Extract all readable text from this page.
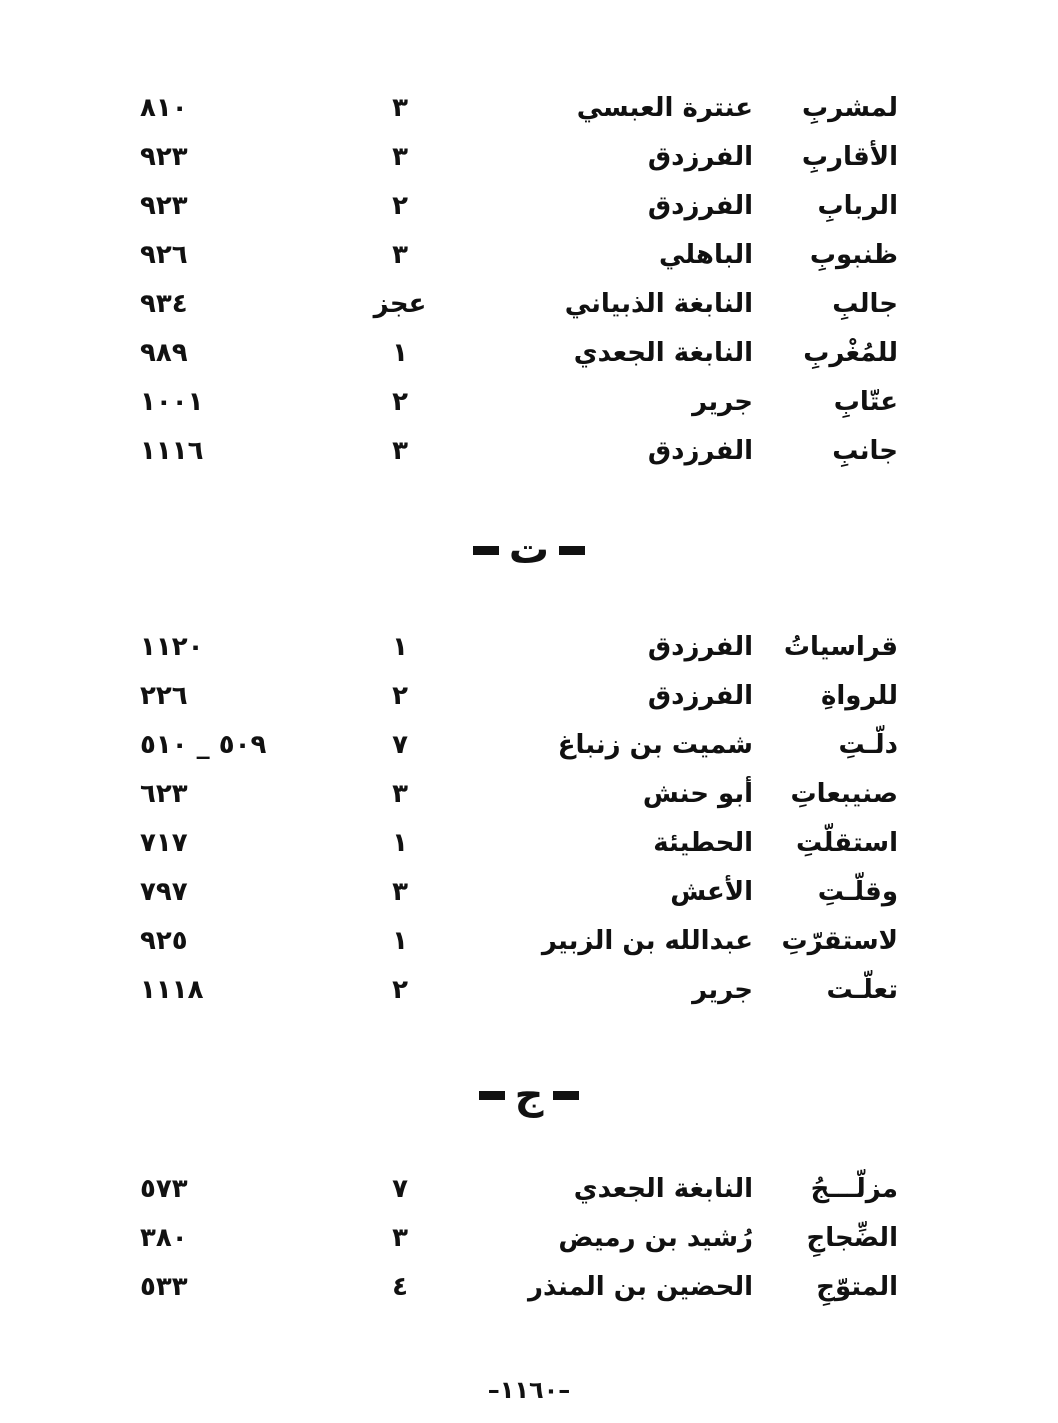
لمشربِ
عنترة العبسي
٣
٨١٠
الأقاربِ
الفرزدق
٣
٩٢٣
الربابِ
الفرزدق
٢
٩٢٣
ظنبوبِ
الباهلي
٣
٩٢٦
جالبِ
النابغة الذبياني
عجز
٩٣٤
للمُغْربِ
النابغة الجعدي
١
٩٨٩
عتّابِ
جرير
٢
١٠٠١
جانبِ
الفرزدق
٣
١١١٦
ت
قراسياتُ
الفرزدق
١
١١٢٠
للرواةِ
الفرزدق
٢
٢٢٦
دلّـتِ
شميت بن زنباغ
٧
٥٠٩ _ ٥١٠
صنيبعاتِ
أبو حنش
٣
٦٢٣
استقلّتِ
الحطيئة
١
٧١٧
وقلّـتِ
الأعش
٣
٧٩٧
لاستقرّتِ
عبدالله بن الزبير
١
٩٢٥
تعلّـت
جرير
٢
١١١٨
ج
مزلّـــجُ
النابغة الجعدي
٧
٥٧٣
الضِّجاجِ
رُشيد بن رميض
٣
٣٨٠
المتوّجِ
الحضين بن المنذر
٤
٥٣٣
–١١٦٠–
